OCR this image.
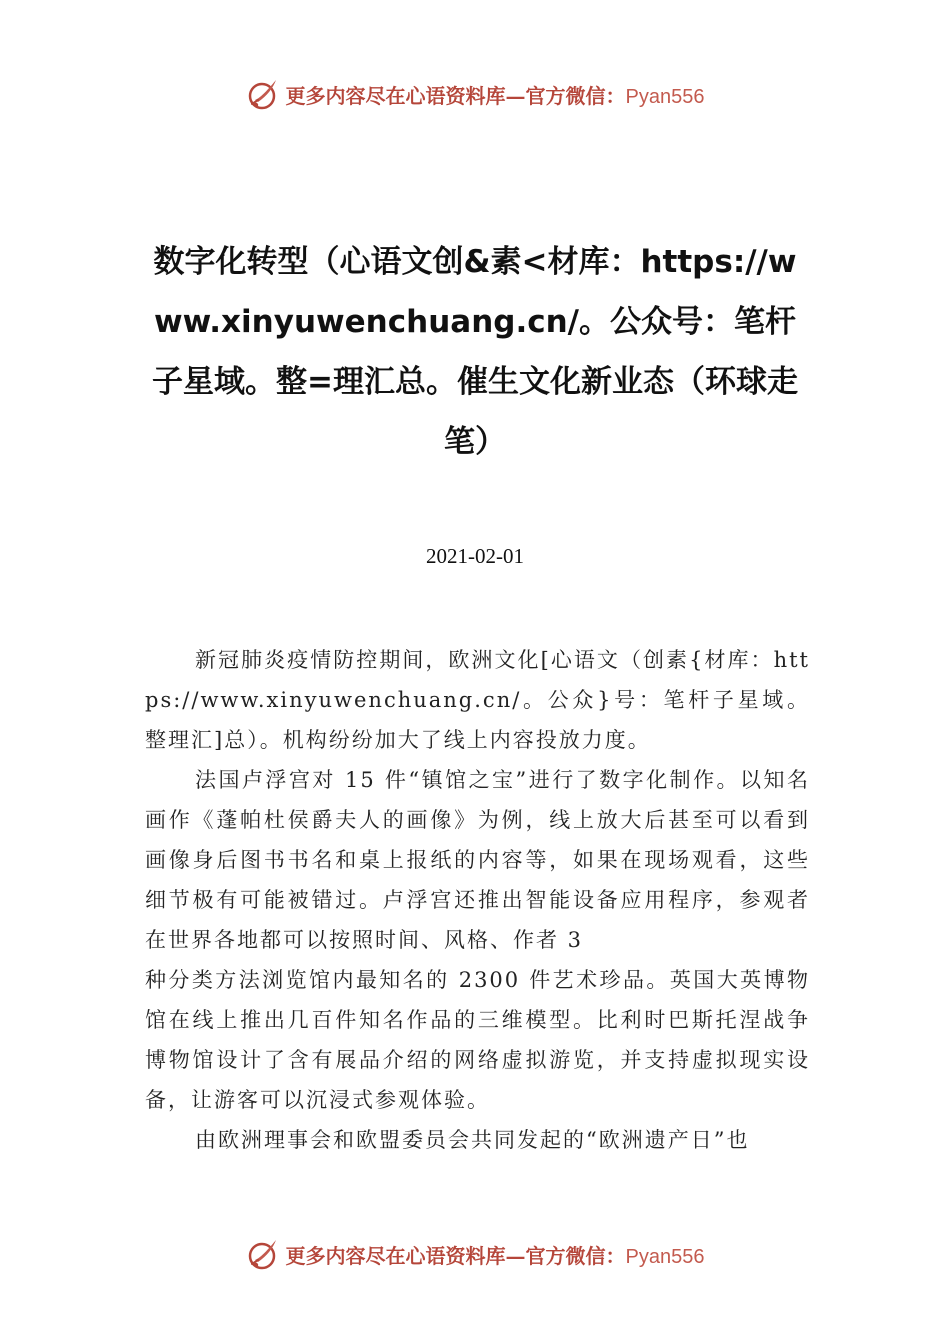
更多内容尽在心语资料库—官方微信：Pyan556
数字化转型（心语文创&素<材库：https://www.xinyuwenchuang.cn/。公众号：笔杆子星域。整=理汇总。催生文化新业态（环球走笔）

2021-02-01

新冠肺炎疫情防控期间，欧洲文化[心语文（创素{材库：https://www.xinyuwenchuang.cn/。公众}号：笔杆子星域。整理汇]总）。机构纷纷加大了线上内容投放力度。

法国卢浮宫对 15 件“镇馆之宝”进行了数字化制作。以知名画作《蓬帕杜侯爵夫人的画像》为例，线上放大后甚至可以看到画像身后图书书名和桌上报纸的内容等，如果在现场观看，这些细节极有可能被错过。卢浮宫还推出智能设备应用程序，参观者在世界各地都可以按照时间、风格、作者 3

种分类方法浏览馆内最知名的 2300 件艺术珍品。英国大英博物馆在线上推出几百件知名作品的三维模型。比利时巴斯托涅战争博物馆设计了含有展品介绍的网络虚拟游览，并支持虚拟现实设备，让游客可以沉浸式参观体验。

由欧洲理事会和欧盟委员会共同发起的“欧洲遗产日”也

更多内容尽在心语资料库—官方微信：Pyan556
